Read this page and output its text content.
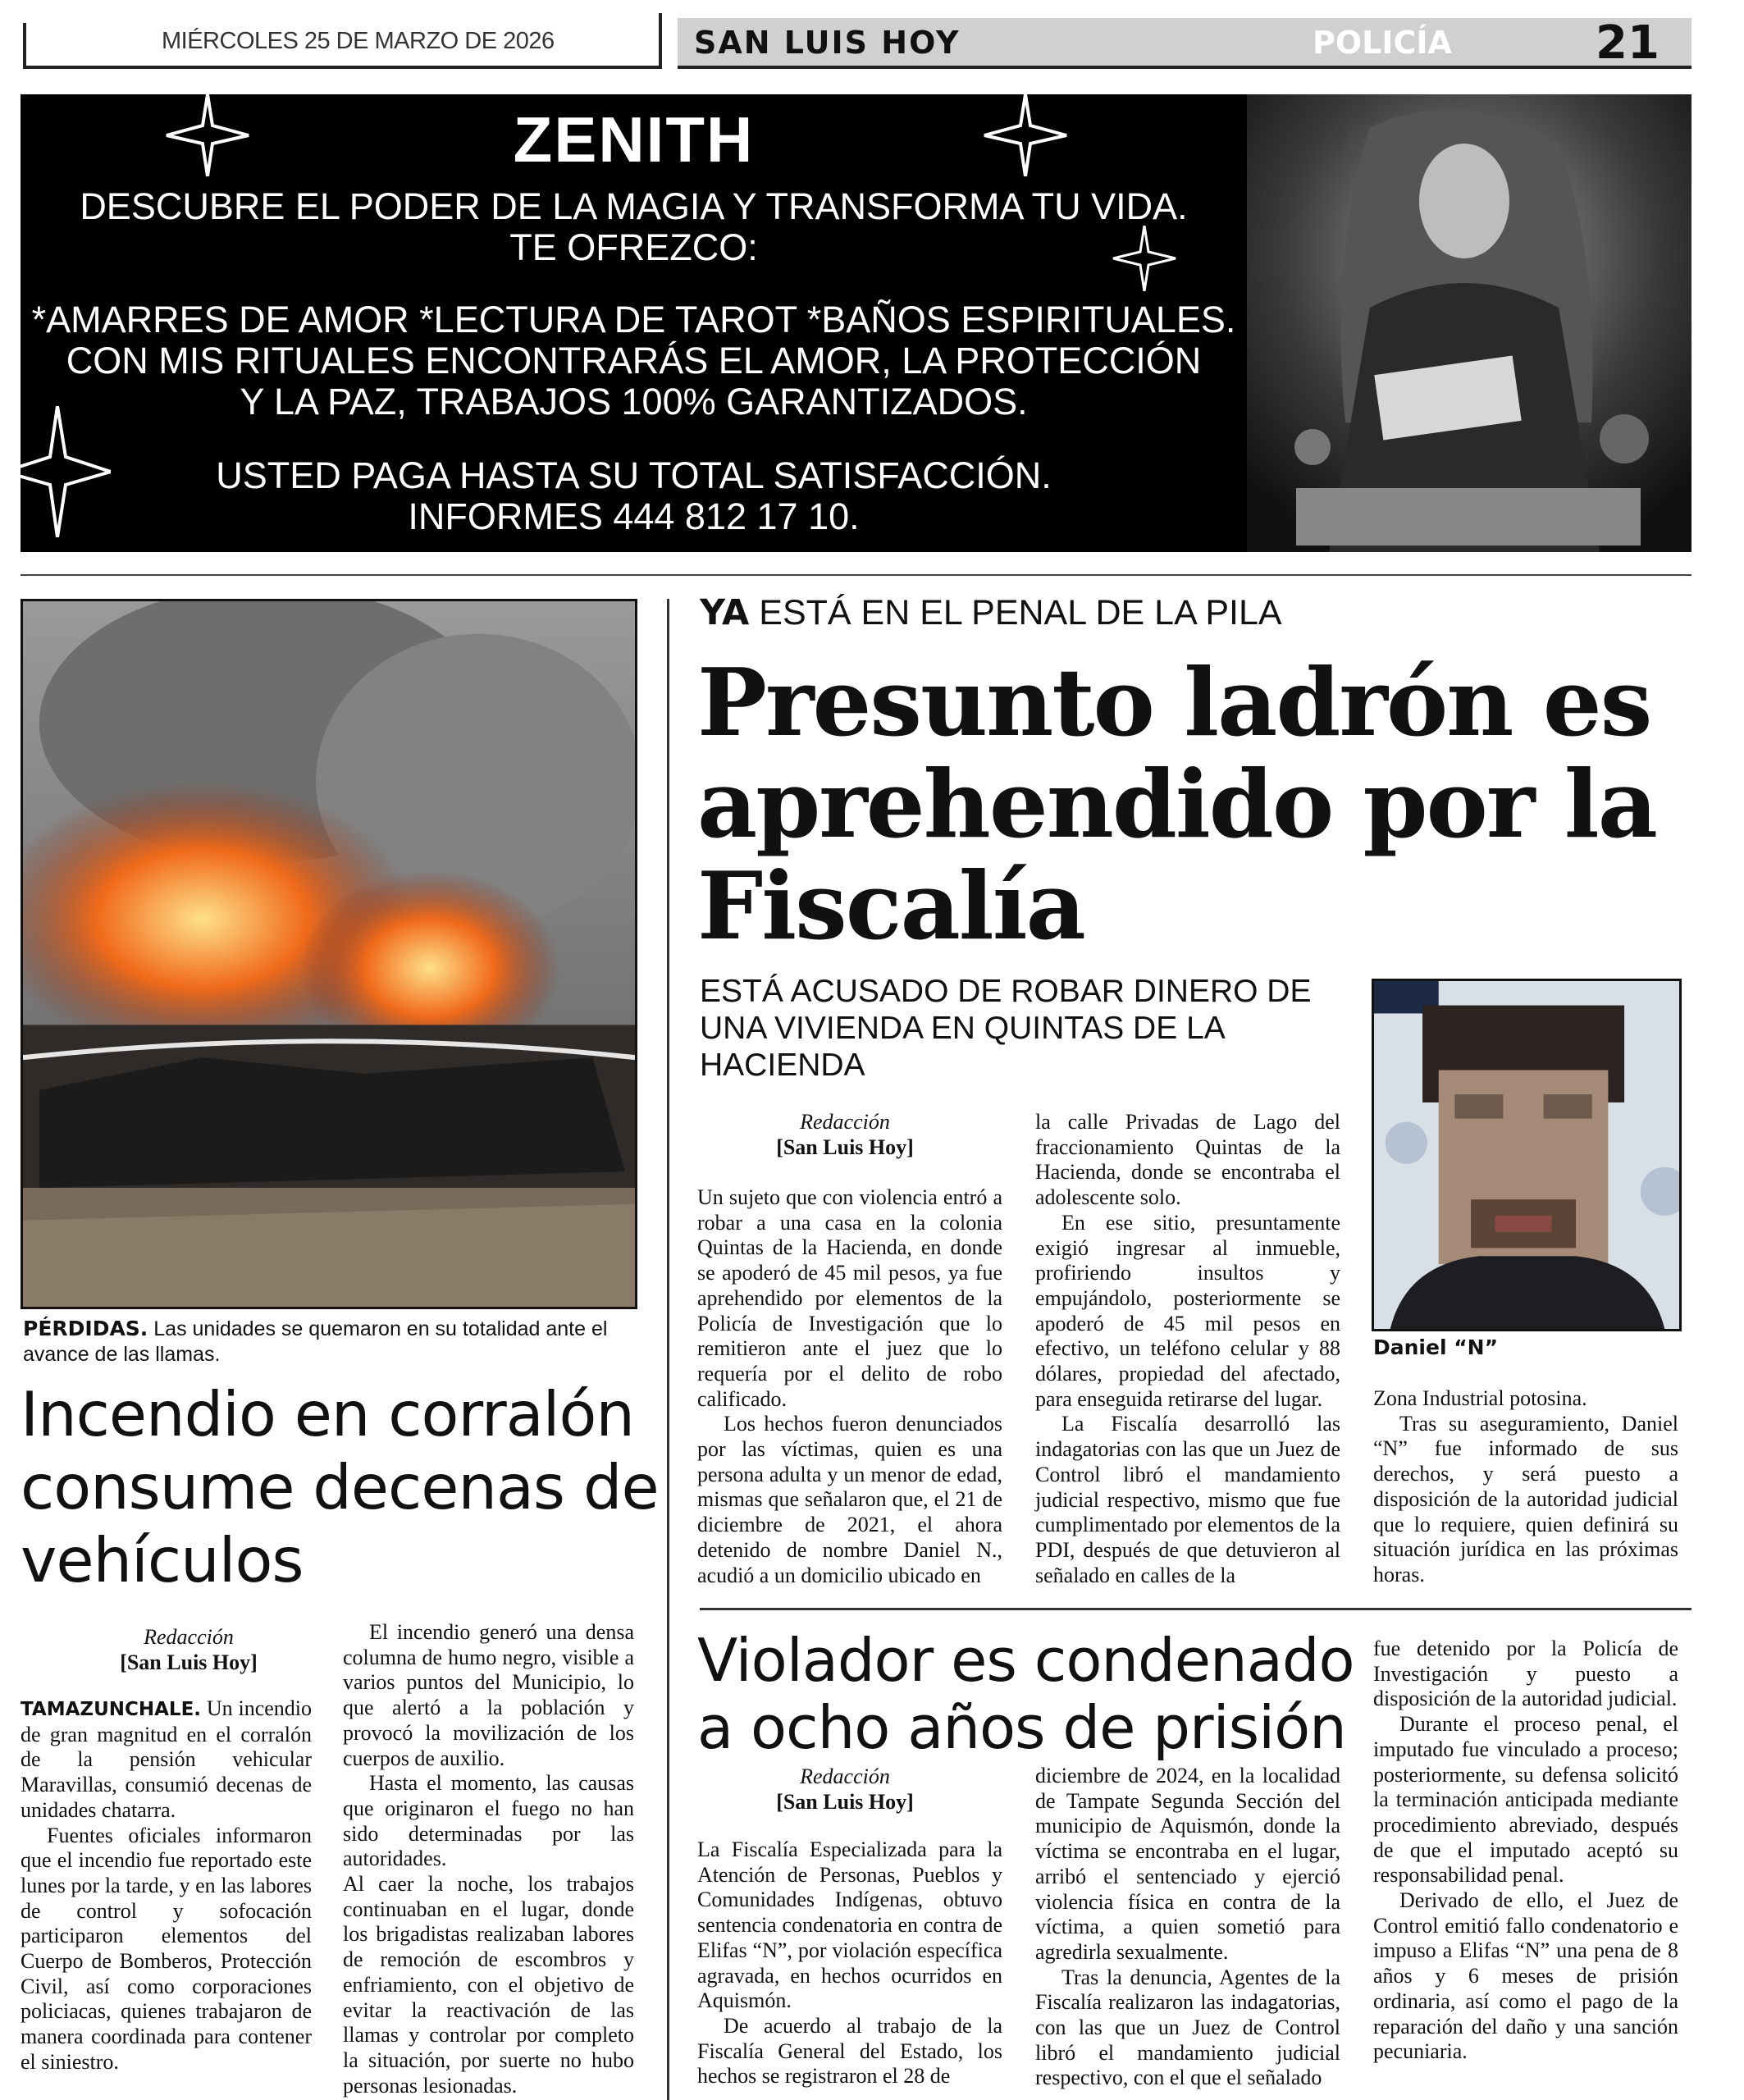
MIÉRCOLES 25 DE MARZO DE 2026	SAN LUIS HOY	POLICÍA	21
ZENITH
DESCUBRE EL PODER DE LA MAGIA Y TRANSFORMA TU VIDA.
TE OFREZCO:
*AMARRES DE AMOR *LECTURA DE TAROT *BAÑOS ESPIRITUALES.
CON MIS RITUALES ENCONTRARÁS EL AMOR, LA PROTECCIÓN
Y LA PAZ, TRABAJOS 100% GARANTIZADOS.
USTED PAGA HASTA SU TOTAL SATISFACCIÓN.
INFORMES 444 812 17 10.
PÉRDIDAS. Las unidades se quemaron en su totalidad ante el avance de las llamas.
Incendio en corralón consume decenas de vehículos
Redacción
[San Luis Hoy]

TAMAZUNCHALE. Un incendio de gran magnitud en el corralón de la pensión vehicular Maravillas, consumió decenas de unidades chatarra.

Fuentes oficiales informaron que el incendio fue reportado este lunes por la tarde, y en las labores de control y sofocación participaron elementos del Cuerpo de Bomberos, Protección Civil, así como corporaciones policiacas, quienes trabajaron de manera coordinada para contener el siniestro.

El incendio generó una densa columna de humo negro, visible a varios puntos del Municipio, lo que alertó a la población y provocó la movilización de los cuerpos de auxilio.

Hasta el momento, las causas que originaron el fuego no han sido determinadas por las autoridades.

Al caer la noche, los trabajos continuaban en el lugar, donde los brigadistas realizaban labores de remoción de escombros y enfriamiento, con el objetivo de evitar la reactivación de las llamas y controlar por completo la situación, por suerte no hubo personas lesionadas.

YA ESTÁ EN EL PENAL DE LA PILA
Presunto ladrón es aprehendido por la Fiscalía
ESTÁ ACUSADO DE ROBAR DINERO DE UNA VIVIENDA EN QUINTAS DE LA HACIENDA
Daniel “N”
Redacción
[San Luis Hoy]

Un sujeto que con violencia entró a robar a una casa en la colonia Quintas de la Hacienda, en donde se apoderó de 45 mil pesos, ya fue aprehendido por elementos de la Policía de Investigación que lo remitieron ante el juez que lo requería por el delito de robo calificado.

Los hechos fueron denunciados por las víctimas, quien es una persona adulta y un menor de edad, mismas que señalaron que, el 21 de diciembre de 2021, el ahora detenido de nombre Daniel N., acudió a un domicilio ubicado en

la calle Privadas de Lago del fraccionamiento Quintas de la Hacienda, donde se encontraba el adolescente solo.

En ese sitio, presuntamente exigió ingresar al inmueble, profiriendo insultos y empujándolo, posteriormente se apoderó de 45 mil pesos en efectivo, un teléfono celular y 88 dólares, propiedad del afectado, para enseguida retirarse del lugar.

La Fiscalía desarrolló las indagatorias con las que un Juez de Control libró el mandamiento judicial respectivo, mismo que fue cumplimentado por elementos de la PDI, después de que detuvieron al señalado en calles de la

Zona Industrial potosina.

Tras su aseguramiento, Daniel “N” fue informado de sus derechos, y será puesto a disposición de la autoridad judicial que lo requiere, quien definirá su situación jurídica en las próximas horas.

Violador es condenado a ocho años de prisión
Redacción
[San Luis Hoy]

La Fiscalía Especializada para la Atención de Personas, Pueblos y Comunidades Indígenas, obtuvo sentencia condenatoria en contra de Elifas “N”, por violación específica agravada, en hechos ocurridos en Aquismón.

De acuerdo al trabajo de la Fiscalía General del Estado, los hechos se registraron el 28 de

diciembre de 2024, en la localidad de Tampate Segunda Sección del municipio de Aquismón, donde la víctima se encontraba en el lugar, arribó el sentenciado y ejerció violencia física en contra de la víctima, a quien sometió para agredirla sexualmente.

Tras la denuncia, Agentes de la Fiscalía realizaron las indagatorias, con las que un Juez de Control libró el mandamiento judicial respectivo, con el que el señalado

fue detenido por la Policía de Investigación y puesto a disposición de la autoridad judicial.

Durante el proceso penal, el imputado fue vinculado a proceso; posteriormente, su defensa solicitó la terminación anticipada mediante procedimiento abreviado, después de que el imputado aceptó su responsabilidad penal.

Derivado de ello, el Juez de Control emitió fallo condenatorio e impuso a Elifas “N” una pena de 8 años y 6 meses de prisión ordinaria, así como el pago de la reparación del daño y una sanción pecuniaria.
